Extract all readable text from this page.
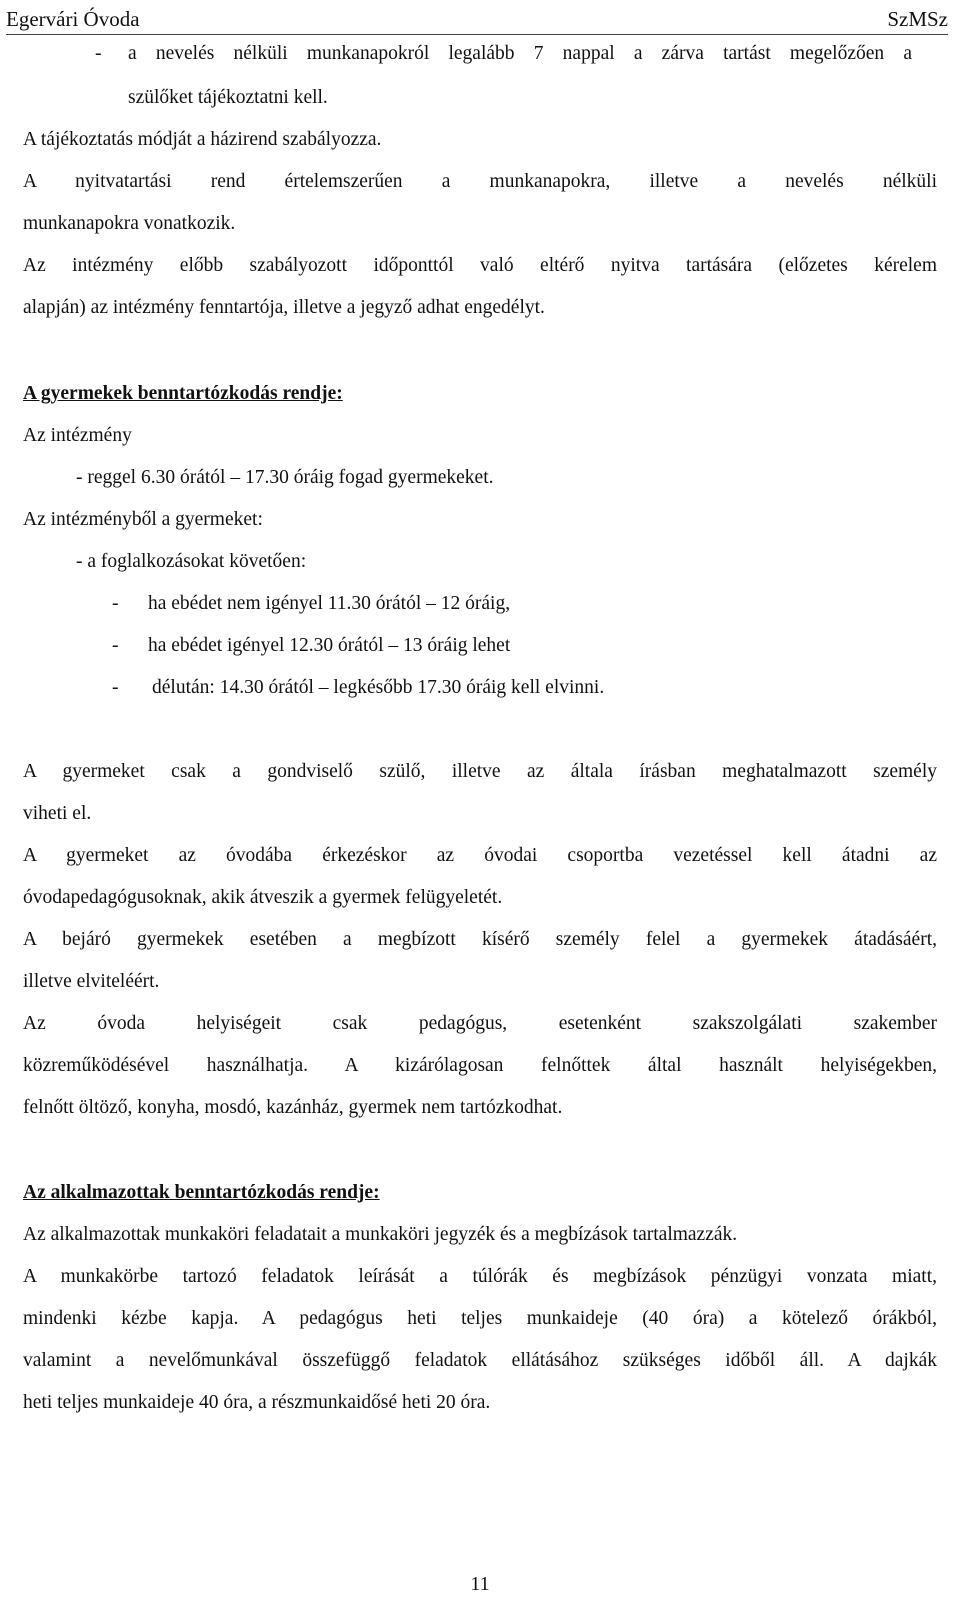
Egervári Óvoda	SzMSz
- a nevelés nélküli munkanapokról legalább 7 nappal a zárva tartást megelőzően a
szülőket tájékoztatni kell.
A tájékoztatás módját a házirend szabályozza.
A nyitvatartási rend értelemszerűen a munkanapokra, illetve a nevelés nélküli
munkanapokra vonatkozik.
Az intézmény előbb szabályozott időponttól való eltérő nyitva tartására (előzetes kérelem
alapján) az intézmény fenntartója, illetve a jegyző adhat engedélyt.
A gyermekek benntartózkodás rendje:
Az intézmény
- reggel 6.30 órától – 17.30 óráig fogad gyermekeket.
Az intézményből a gyermeket:
- a foglalkozásokat követően:
- ha ebédet nem igényel 11.30 órától – 12 óráig,
- ha ebédet igényel 12.30 órától – 13 óráig lehet
- délután: 14.30 órától – legkésőbb 17.30 óráig kell elvinni.
A gyermeket csak a gondviselő szülő, illetve az általa írásban meghatalmazott személy
viheti el.
A gyermeket az óvodába érkezéskor az óvodai csoportba vezetéssel kell átadni az
óvodapedagógusoknak, akik átveszik a gyermek felügyeletét.
A bejáró gyermekek esetében a megbízott kísérő személy felel a gyermekek átadásáért,
illetve elviteléért.
Az óvoda helyiségeit csak pedagógus, esetenként szakszolgálati szakember
közreműködésével használhatja. A kizárólagosan felnőttek által használt helyiségekben,
felnőtt öltöző, konyha, mosdó, kazánház, gyermek nem tartózkodhat.
Az alkalmazottak benntartózkodás rendje:
Az alkalmazottak munkaköri feladatait a munkaköri jegyzék és a megbízások tartalmazzák.
A munkakörbe tartozó feladatok leírását a túlórák és megbízások pénzügyi vonzata miatt,
mindenki kézbe kapja. A pedagógus heti teljes munkaideje (40 óra) a kötelező órákból,
valamint a nevelőmunkával összefüggő feladatok ellátásához szükséges időből áll. A dajkák
heti teljes munkaideje 40 óra, a részmunkaidősé heti 20 óra.
11
